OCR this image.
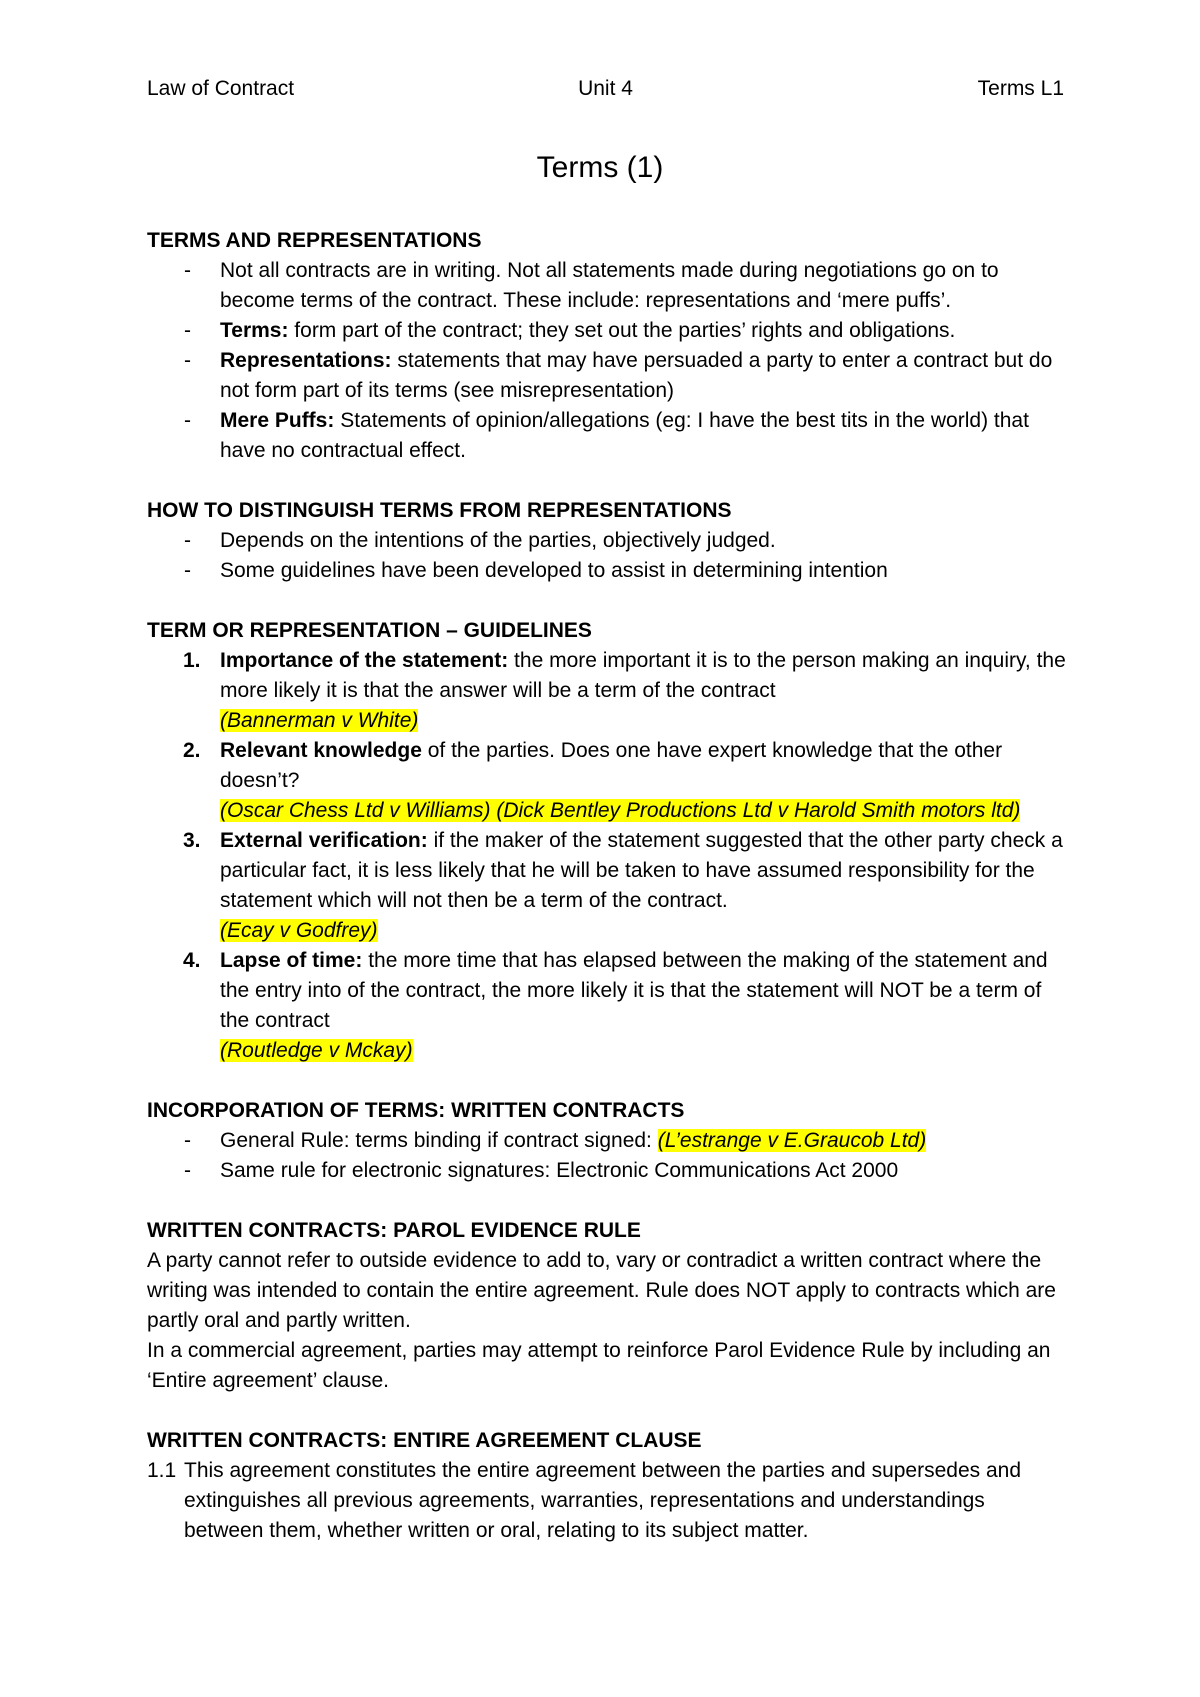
Law of Contract	Unit 4	Terms L1
Terms (1)
TERMS AND REPRESENTATIONS
- Not all contracts are in writing. Not all statements made during negotiations go on to become terms of the contract. These include: representations and ‘mere puffs’.
- Terms: form part of the contract; they set out the parties’ rights and obligations.
- Representations: statements that may have persuaded a party to enter a contract but do not form part of its terms (see misrepresentation)
- Mere Puffs: Statements of opinion/allegations (eg: I have the best tits in the world) that have no contractual effect.
HOW TO DISTINGUISH TERMS FROM REPRESENTATIONS
- Depends on the intentions of the parties, objectively judged.
- Some guidelines have been developed to assist in determining intention
TERM OR REPRESENTATION – GUIDELINES
1. Importance of the statement: the more important it is to the person making an inquiry, the more likely it is that the answer will be a term of the contract
(Bannerman v White)
2. Relevant knowledge of the parties. Does one have expert knowledge that the other doesn’t?
(Oscar Chess Ltd v Williams) (Dick Bentley Productions Ltd v Harold Smith motors ltd)
3. External verification: if the maker of the statement suggested that the other party check a particular fact, it is less likely that he will be taken to have assumed responsibility for the statement which will not then be a term of the contract.
(Ecay v Godfrey)
4. Lapse of time: the more time that has elapsed between the making of the statement and the entry into of the contract, the more likely it is that the statement will NOT be a term of the contract
(Routledge v Mckay)
INCORPORATION OF TERMS: WRITTEN CONTRACTS
- General Rule: terms binding if contract signed: (L’estrange v E.Graucob Ltd)
- Same rule for electronic signatures: Electronic Communications Act 2000
WRITTEN CONTRACTS: PAROL EVIDENCE RULE

A party cannot refer to outside evidence to add to, vary or contradict a written contract where the writing was intended to contain the entire agreement. Rule does NOT apply to contracts which are partly oral and partly written.

In a commercial agreement, parties may attempt to reinforce Parol Evidence Rule by including an ‘Entire agreement’ clause.

WRITTEN CONTRACTS: ENTIRE AGREEMENT CLAUSE
1.1 This agreement constitutes the entire agreement between the parties and supersedes and extinguishes all previous agreements, warranties, representations and understandings between them, whether written or oral, relating to its subject matter.
